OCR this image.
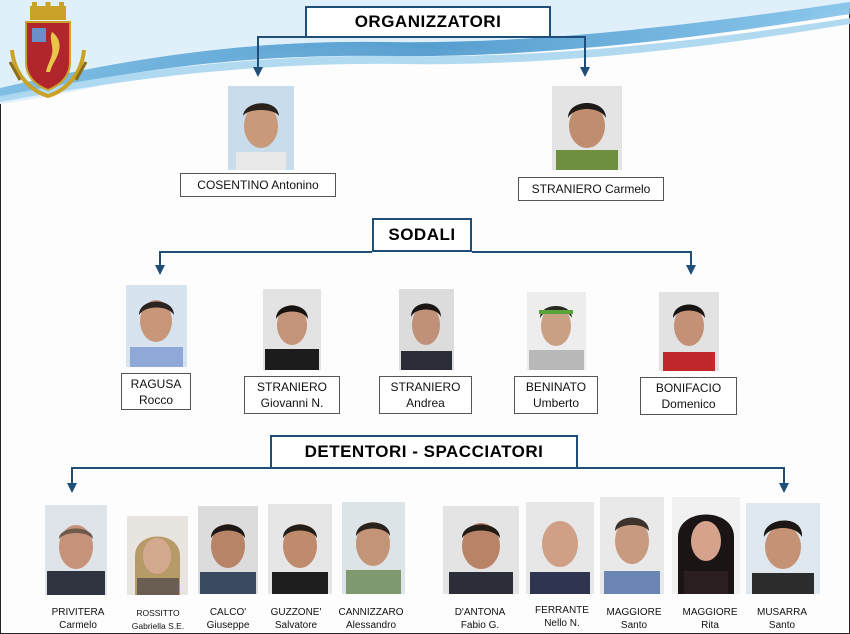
ORGANIZZATORI
SODALI
DETENTORI - SPACCIATORI
COSENTINO Antonino	STRANIERO Carmelo
RAGUSA
Rocco
STRANIERO
Giovanni N.
STRANIERO
Andrea
BENINATO
Umberto
BONIFACIO
Domenico
PRIVITERA
Carmelo
ROSSITTO
Gabriella S.E.
CALCO'
Giuseppe
GUZZONE'
Salvatore
CANNIZZARO
Alessandro
D'ANTONA
Fabio G.
FERRANTE
Nello N.
MAGGIORE
Santo
MAGGIORE
Rita
MUSARRA
Santo
